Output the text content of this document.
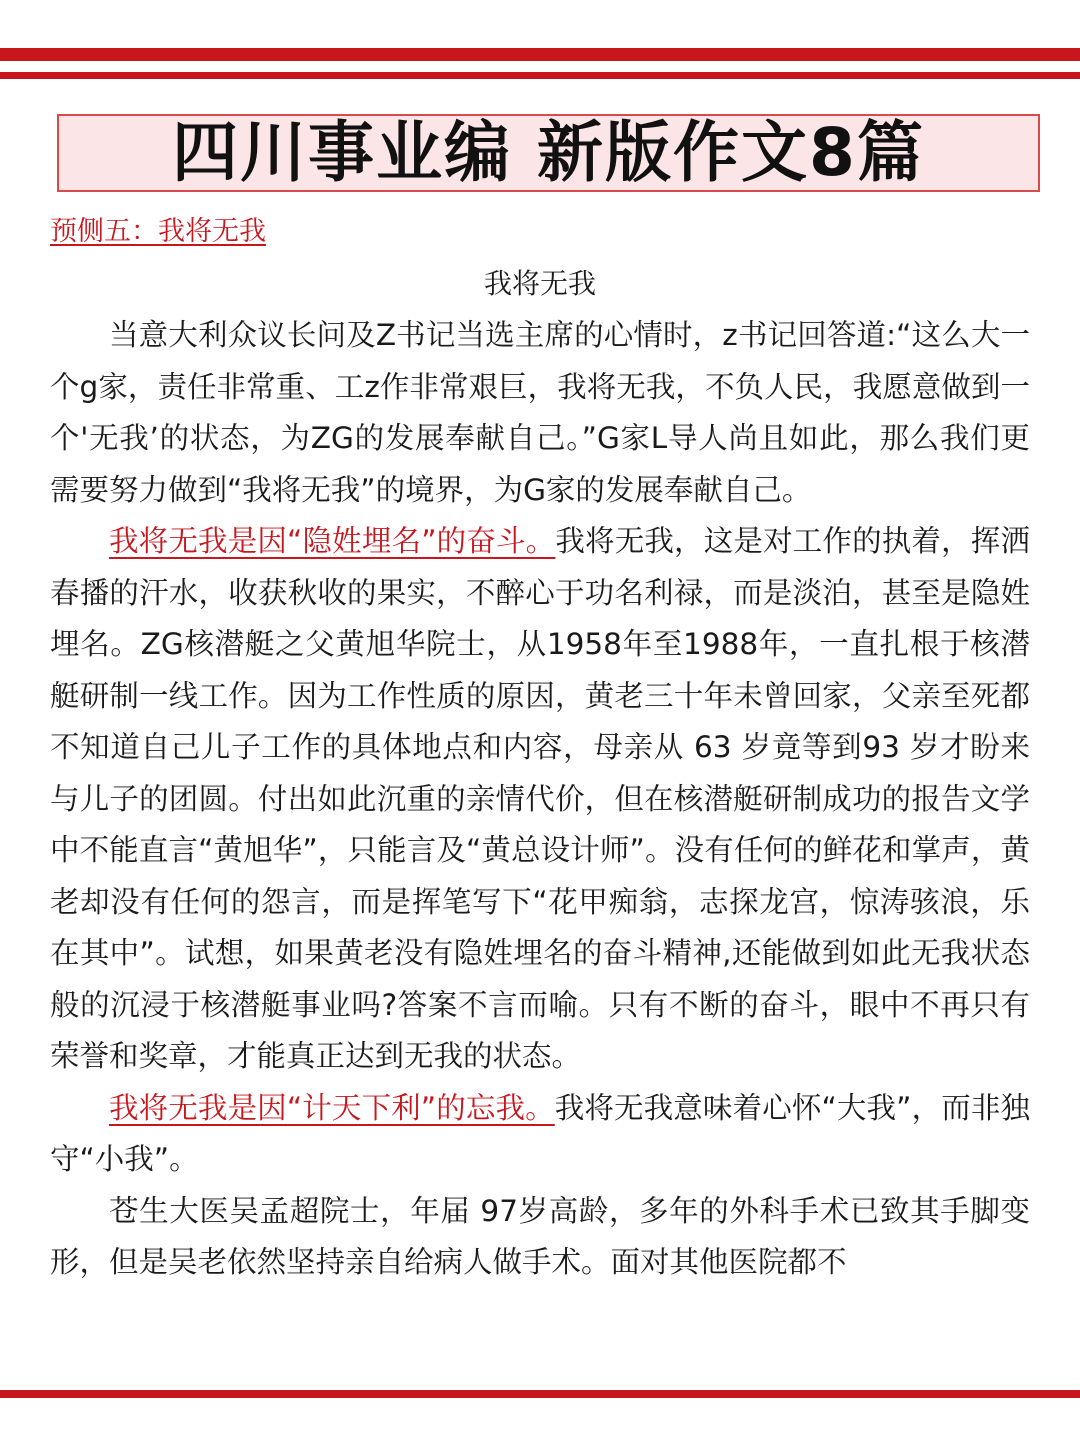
四川事业编 新版作文8篇
预侧五：我将无我
我将无我

当意大利众议长问及Z书记当选主席的心情时，z书记回答道:“这么大一个g家，责任非常重、工z作非常艰巨，我将无我，不负人民，我愿意做到一个'无我’的状态，为ZG的发展奉献自己。”G家L导人尚且如此，那么我们更需要努力做到“我将无我”的境界，为G家的发展奉献自己。

我将无我是因“隐姓埋名”的奋斗。我将无我，这是对工作的执着，挥洒春播的汗水，收获秋收的果实，不醉心于功名利禄，而是淡泊，甚至是隐姓埋名。ZG核潜艇之父黄旭华院士，从1958年至1988年，一直扎根于核潜艇研制一线工作。因为工作性质的原因，黄老三十年未曾回家，父亲至死都不知道自己儿子工作的具体地点和内容，母亲从 63 岁竟等到93 岁才盼来与儿子的团圆。付出如此沉重的亲情代价，但在核潜艇研制成功的报告文学中不能直言“黄旭华”，只能言及“黄总设计师”。没有任何的鲜花和掌声，黄老却没有任何的怨言，而是挥笔写下“花甲痴翁，志探龙宫，惊涛骇浪，乐在其中”。试想，如果黄老没有隐姓埋名的奋斗精神,还能做到如此无我状态般的沉浸于核潜艇事业吗?答案不言而喻。只有不断的奋斗，眼中不再只有荣誉和奖章，才能真正达到无我的状态。

我将无我是因“计天下利”的忘我。我将无我意味着心怀“大我”，而非独守“小我”。

苍生大医吴孟超院士，年届 97岁高龄，多年的外科手术已致其手脚变形，但是吴老依然坚持亲自给病人做手术。面对其他医院都不
